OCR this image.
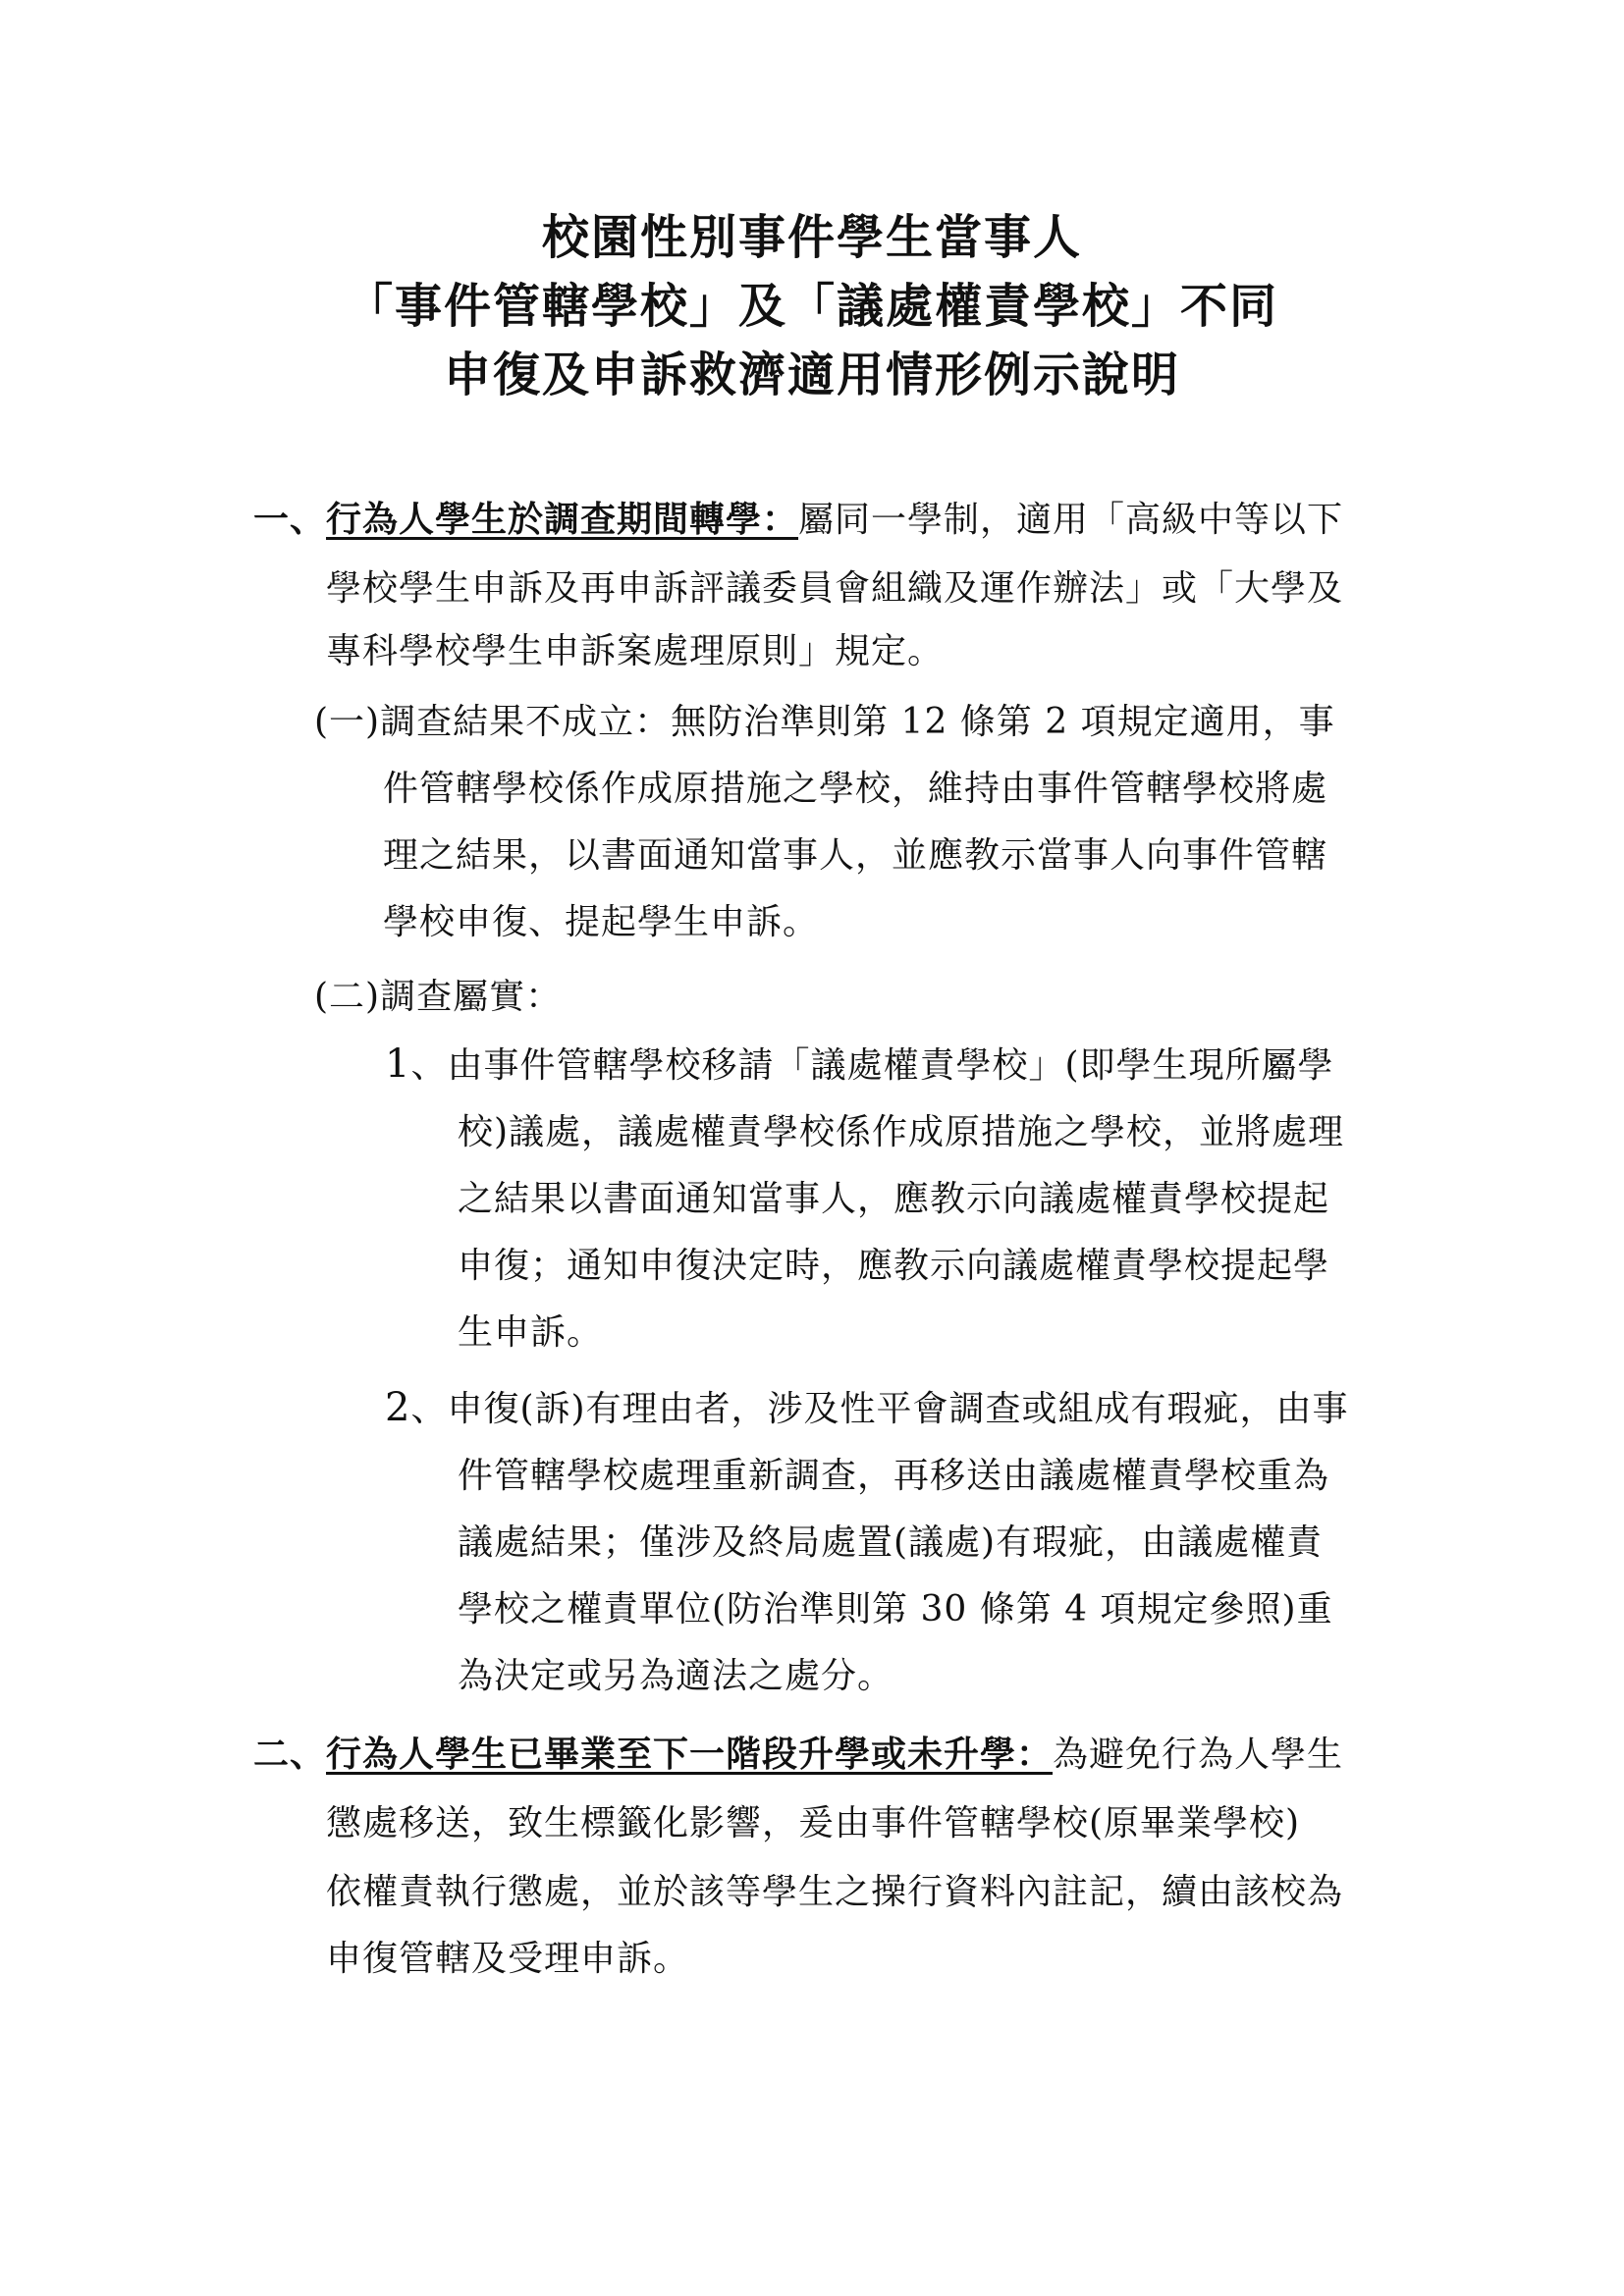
校園性別事件學生當事人
「事件管轄學校」及「議處權責學校」不同
申復及申訴救濟適用情形例示說明
一、行為人學生於調查期間轉學：屬同一學制，適用「高級中等以下
學校學生申訴及再申訴評議委員會組織及運作辦法」或「大學及
專科學校學生申訴案處理原則」規定。
(一)調查結果不成立：無防治準則第 12 條第 2 項規定適用，事
件管轄學校係作成原措施之學校，維持由事件管轄學校將處
理之結果，以書面通知當事人，並應教示當事人向事件管轄
學校申復、提起學生申訴。
(二)調查屬實：
1、由事件管轄學校移請「議處權責學校」(即學生現所屬學
校)議處，議處權責學校係作成原措施之學校，並將處理
之結果以書面通知當事人，應教示向議處權責學校提起
申復；通知申復決定時，應教示向議處權責學校提起學
生申訴。
2、申復(訴)有理由者，涉及性平會調查或組成有瑕疵，由事
件管轄學校處理重新調查，再移送由議處權責學校重為
議處結果；僅涉及終局處置(議處)有瑕疵，由議處權責
學校之權責單位(防治準則第 30 條第 4 項規定參照)重
為決定或另為適法之處分。
二、行為人學生已畢業至下一階段升學或未升學：為避免行為人學生
懲處移送，致生標籤化影響，爰由事件管轄學校(原畢業學校)
依權責執行懲處，並於該等學生之操行資料內註記，續由該校為
申復管轄及受理申訴。
